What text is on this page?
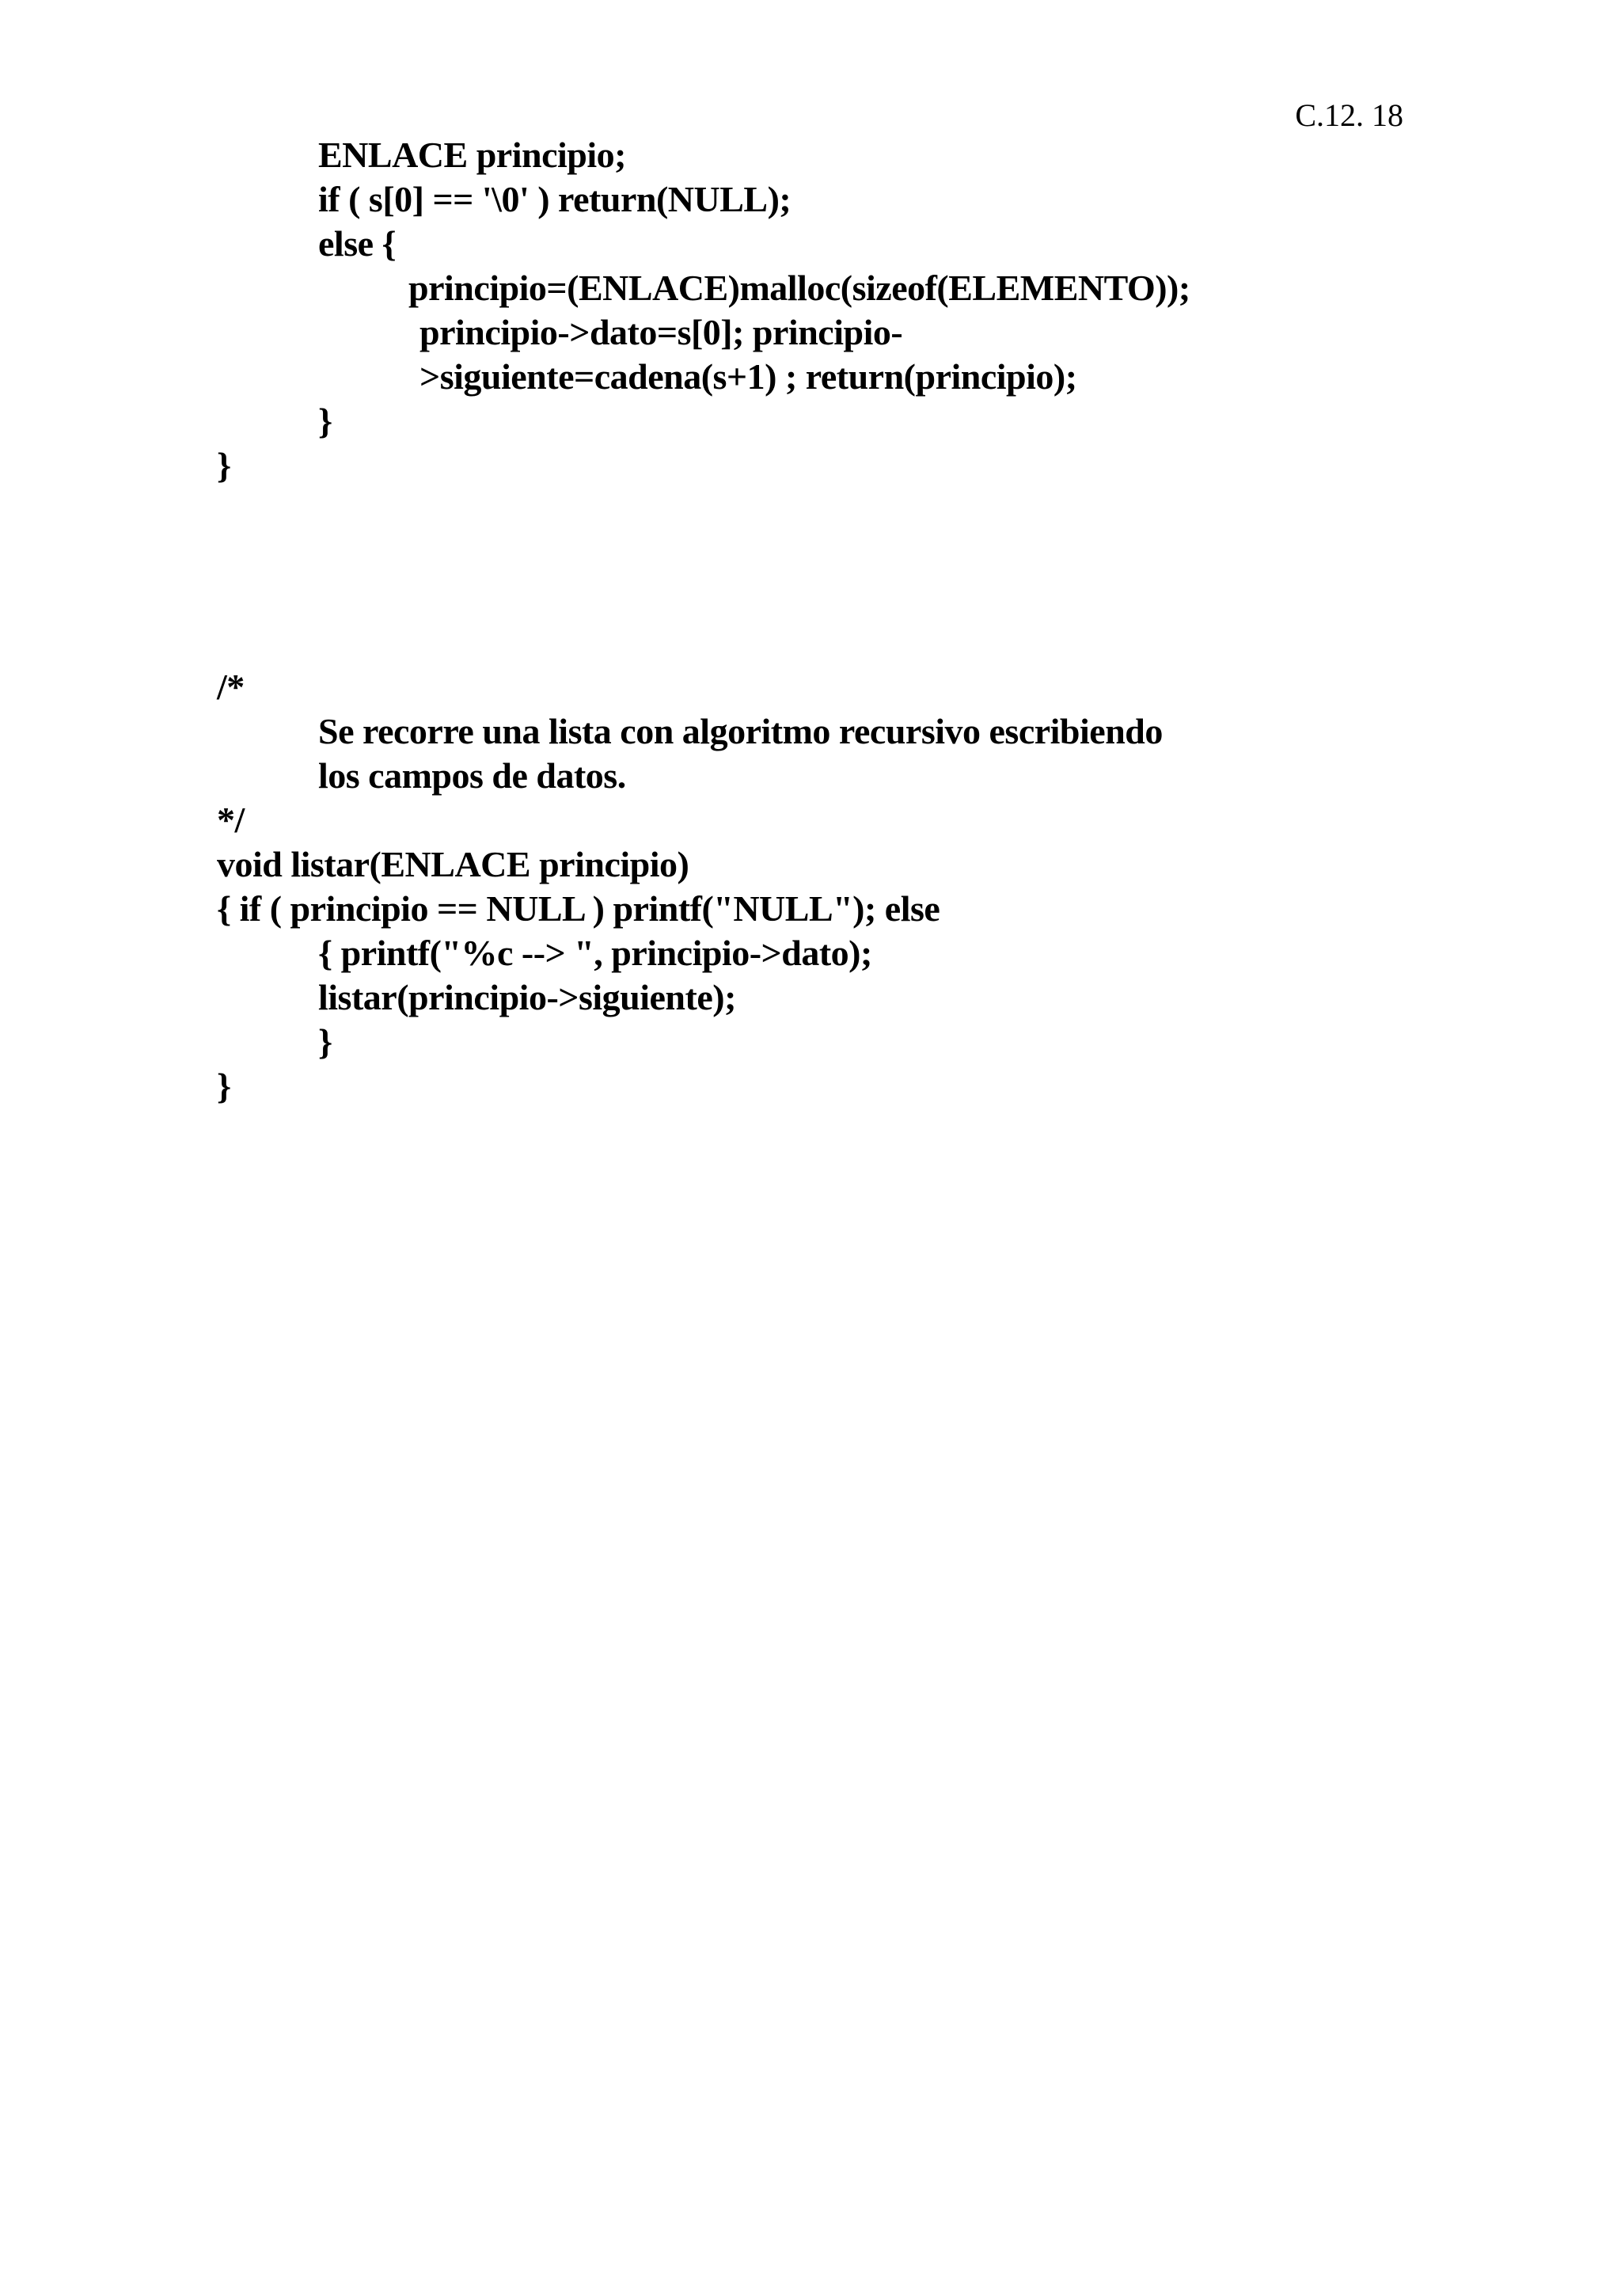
C.12. 18
ENLACE principio;
if ( s[0] == '\0' ) return(NULL);
else {
principio=(ENLACE)malloc(sizeof(ELEMENTO));
principio->dato=s[0]; principio-
>siguiente=cadena(s+1) ; return(principio);
}
}
/*
Se recorre una lista con algoritmo recursivo escribiendo
los campos de datos.
*/
void listar(ENLACE principio)
{ if ( principio == NULL ) printf("NULL"); else
{ printf("%c --> ", principio->dato);
listar(principio->siguiente);
}
}
